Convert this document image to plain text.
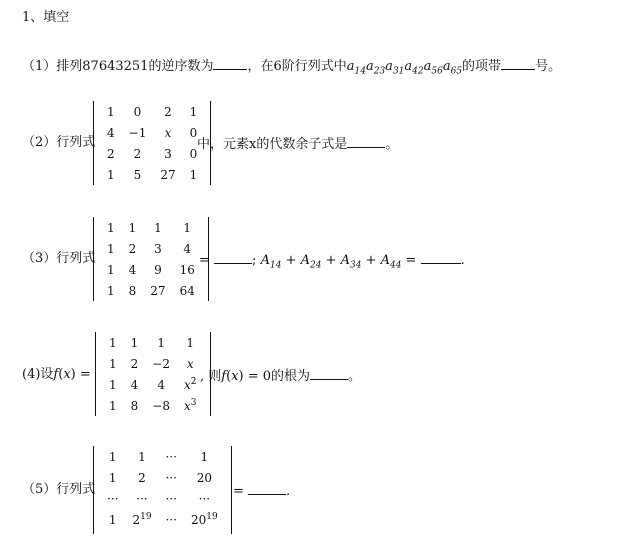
1、填空
（1）排列87643251的逆序数为	，在6阶行列式中$a_{14}a_{23}a_{31}a_{42}a_{56}a_{65}$的项带	号。
（2）行列式
1	0	2	1
4	−1	x	0
2	2	3	0
1	5	27	1
中，元素x的代数余子式是	。
（3）行列式
1	1	1	1
1	2	3	4
1	4	9	16
1	8	27	64
=	; $A_{14} + A_{24} + A_{34} + A_{44}$ =	.
(4)设f(x) =
1	1	1	1
1	2	−2	x
1	4	4	$x^2$
1	8	−8	$x^3$
, 则f(x) = 0的根为	。
（5）行列式
1	1	···	1
1	2	···	20
···	···	···	···
1	$2^{19}$	···	$20^{19}$
=	.
